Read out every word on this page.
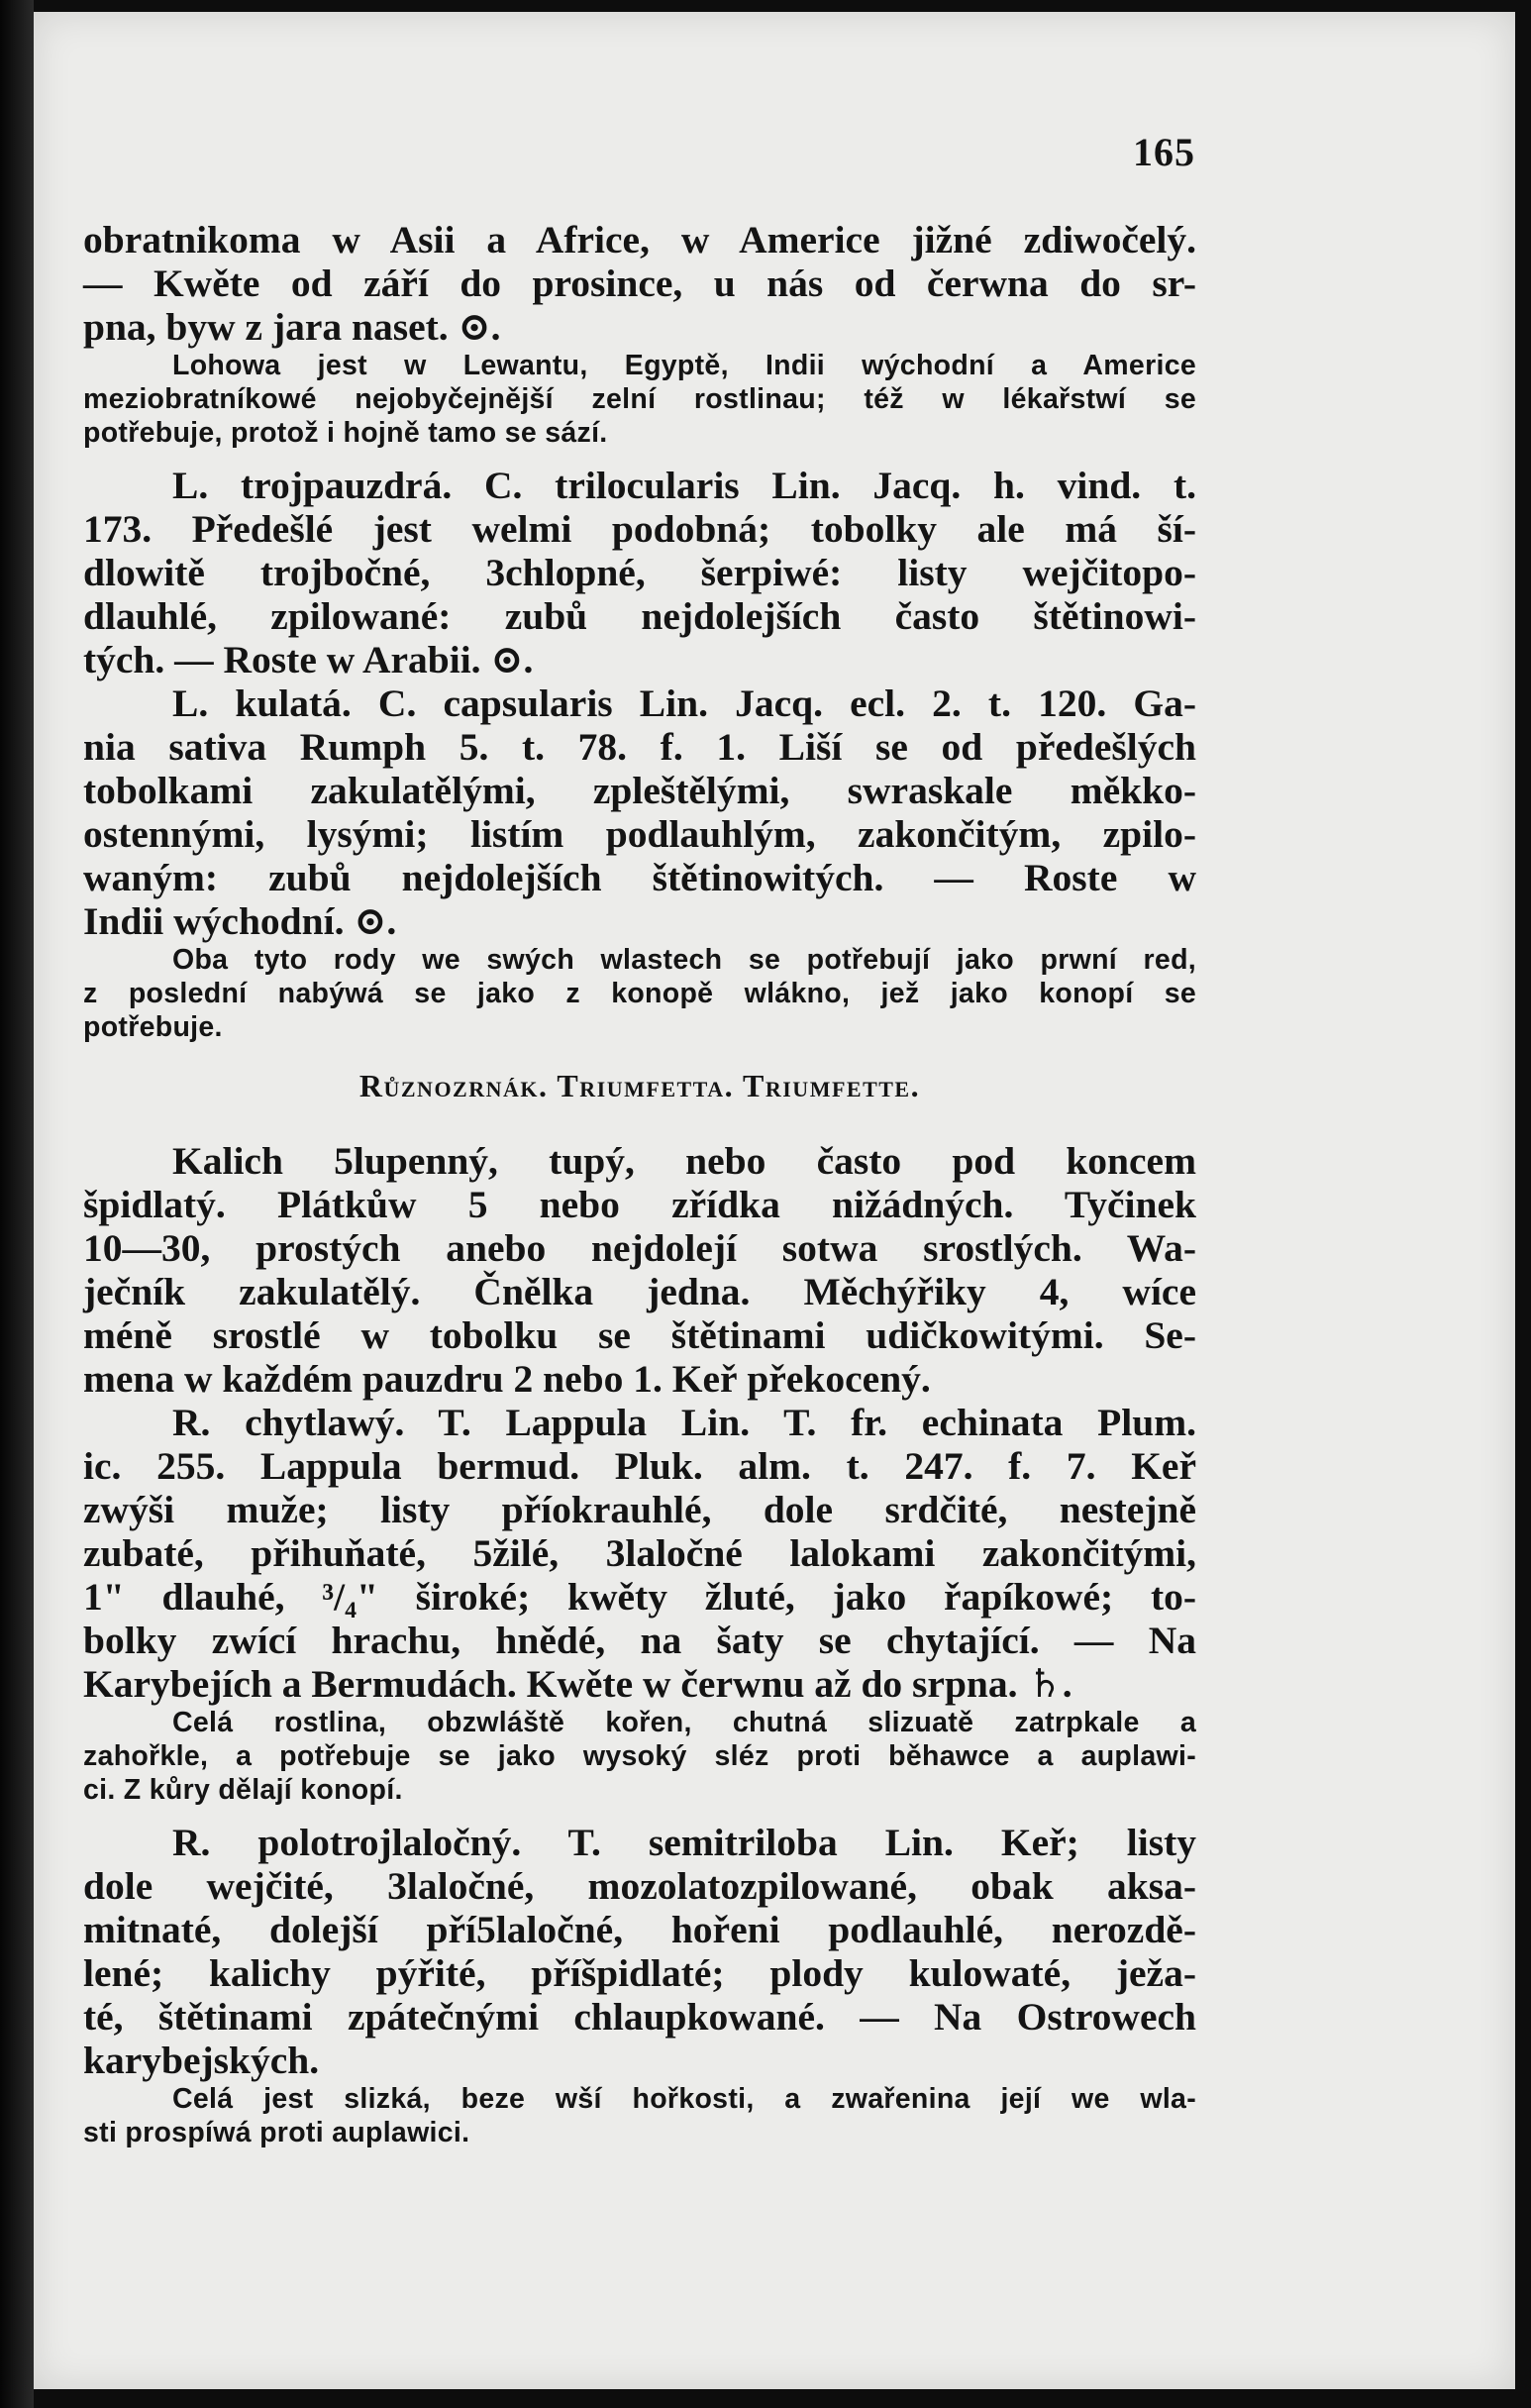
165

obratnikoma w Asii a Africe, w Americe jižné zdiwočelý.

— Kwěte od září do prosince, u nás od čerwna do sr-

pna, byw z jara naset. ⊙.

Lohowa jest w Lewantu, Egyptě, Indii wýchodní a Americe

meziobratníkowé nejobyčejnější zelní rostlinau; též w lékařstwí se

potřebuje, protož i hojně tamo se sází.

L. trojpauzdrá. C. trilocularis Lin. Jacq. h. vind. t.

173. Předešlé jest welmi podobná; tobolky ale má ší-

dlowitě trojbočné, 3chlopné, šerpiwé: listy wejčitopo-

dlauhlé, zpilowané: zubů nejdolejších často štětinowi-

tých. — Roste w Arabii. ⊙.

L. kulatá. C. capsularis Lin. Jacq. ecl. 2. t. 120. Ga-

nia sativa Rumph 5. t. 78. f. 1. Liší se od předešlých

tobolkami zakulatělými, zpleštělými, swraskale měkko-

ostennými, lysými; listím podlauhlým, zakončitým, zpilo-

waným: zubů nejdolejších štětinowitých. — Roste w

Indii wýchodní. ⊙.

Oba tyto rody we swých wlastech se potřebují jako prwní red,

z poslední nabýwá se jako z konopě wlákno, jež jako konopí se

potřebuje.

Různozrnák. Triumfetta. Triumfette.

Kalich 5lupenný, tupý, nebo často pod koncem

špidlatý. Plátkůw 5 nebo zřídka nižádných. Tyčinek

10—30, prostých anebo nejdolejí sotwa srostlých. Wa-

ječník zakulatělý. Čnělka jedna. Měchýřiky 4, wíce

méně srostlé w tobolku se štětinami udičkowitými. Se-

mena w každém pauzdru 2 nebo 1. Keř překocený.

R. chytlawý. T. Lappula Lin. T. fr. echinata Plum.

ic. 255. Lappula bermud. Pluk. alm. t. 247. f. 7. Keř

zwýši muže; listy příokrauhlé, dole srdčité, nestejně

zubaté, přihuňaté, 5žilé, 3laločné lalokami zakončitými,

1" dlauhé, ³/₄" široké; kwěty žluté, jako řapíkowé; to-

bolky zwící hrachu, hnědé, na šaty se chytající. — Na

Karybejích a Bermudách. Kwěte w čerwnu až do srpna. ♄.

Celá rostlina, obzwláště kořen, chutná slizuatě zatrpkale a

zahořkle, a potřebuje se jako wysoký sléz proti běhawce a auplawi-

ci. Z kůry dělají konopí.

R. polotrojlaločný. T. semitriloba Lin. Keř; listy

dole wejčité, 3laločné, mozolatozpilowané, obak aksa-

mitnaté, dolejší pří5laločné, hořeni podlauhlé, nerozdě-

lené; kalichy pýřité, příšpidlaté; plody kulowaté, ježa-

té, štětinami zpátečnými chlaupkowané. — Na Ostrowech

karybejských.

Celá jest slizká, beze wší hořkosti, a zwařenina její we wla-

sti prospíwá proti auplawici.
